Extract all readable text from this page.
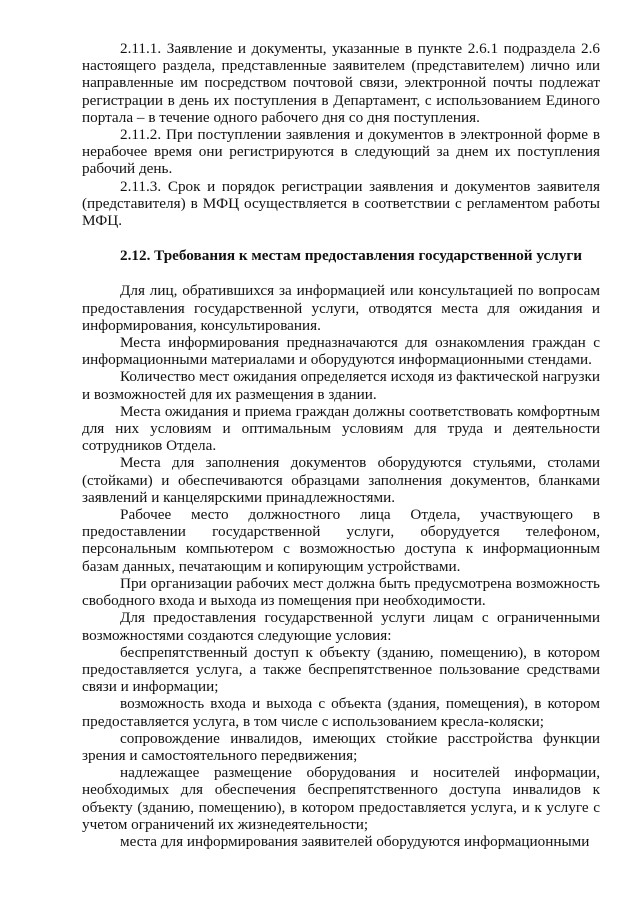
2.11.1. Заявление и документы, указанные в пункте 2.6.1 подраздела 2.6 настоящего раздела, представленные заявителем (представителем) лично или направленные им посредством почтовой связи, электронной почты подлежат регистрации в день их поступления в Департамент, с использованием Единого портала – в течение одного рабочего дня со дня поступления.

2.11.2. При поступлении заявления и документов в электронной форме в нерабочее время они регистрируются в следующий за днем их поступления рабочий день.

2.11.3. Срок и порядок регистрации заявления и документов заявителя (представителя) в МФЦ осуществляется в соответствии с регламентом работы МФЦ.

2.12. Требования к местам предоставления государственной услуги

Для лиц, обратившихся за информацией или консультацией по вопросам предоставления государственной услуги, отводятся места для ожидания и информирования, консультирования.

Места информирования предназначаются для ознакомления граждан с информационными материалами и оборудуются информационными стендами.

Количество мест ожидания определяется исходя из фактической нагрузки и возможностей для их размещения в здании.

Места ожидания и приема граждан должны соответствовать комфортным для них условиям и оптимальным условиям для труда и деятельности сотрудников Отдела.

Места для заполнения документов оборудуются стульями, столами (стойками) и обеспечиваются образцами заполнения документов, бланками заявлений и канцелярскими принадлежностями.

Рабочее место должностного лица Отдела, участвующего в предоставлении государственной услуги, оборудуется телефоном, персональным компьютером с возможностью доступа к информационным базам данных, печатающим и копирующим устройствами.

При организации рабочих мест должна быть предусмотрена возможность свободного входа и выхода из помещения при необходимости.

Для предоставления государственной услуги лицам с ограниченными возможностями создаются следующие условия:

беспрепятственный доступ к объекту (зданию, помещению), в котором предоставляется услуга, а также беспрепятственное пользование средствами связи и информации;

возможность входа и выхода с объекта (здания, помещения), в котором предоставляется услуга, в том числе с использованием кресла-коляски;

сопровождение инвалидов, имеющих стойкие расстройства функции зрения и самостоятельного передвижения;

надлежащее размещение оборудования и носителей информации, необходимых для обеспечения беспрепятственного доступа инвалидов к объекту (зданию, помещению), в котором предоставляется услуга, и к услуге с учетом ограничений их жизнедеятельности;

места для информирования заявителей оборудуются информационными
